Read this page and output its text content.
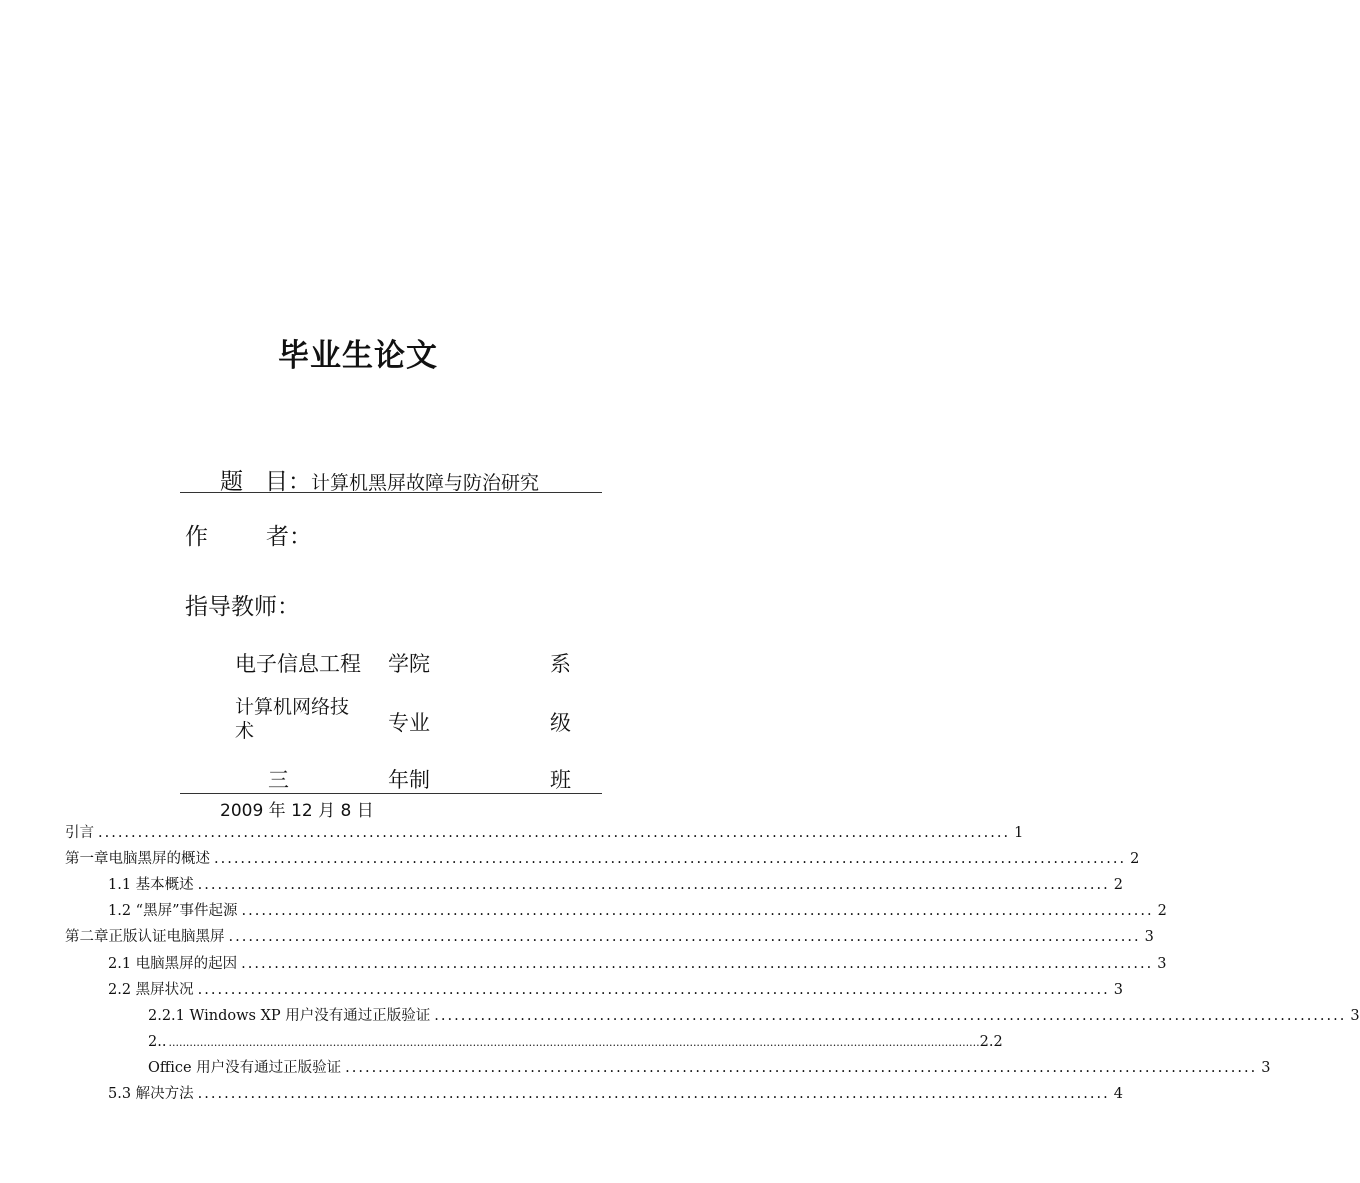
毕业生论文
题 目：计算机黑屏故障与防治研究
作	者：
指导教师：
电子信息工程 学院	系
计算机网络技术	专业	级
三	年制	班
2009 年 12 月 8 日
引言 .......................................................................................................................................... 1
第一章电脑黑屏的概述 .......................................................................................................................................... 2
1.1 基本概述 .......................................................................................................................................... 2
1.2 “黑屏”事件起源 .......................................................................................................................................... 2
第二章正版认证电脑黑屏 .......................................................................................................................................... 3
2.1 电脑黑屏的起因 .......................................................................................................................................... 3
2.2 黑屏状况 .......................................................................................................................................... 3
2.2.1 Windows XP 用户没有通过正版验证 .......................................................................................................................................... 3
2.. ........................................................................................................................................................................................................................................ 2.2
Office 用户没有通过正版验证 .......................................................................................................................................... 3
5.3 解决方法 .......................................................................................................................................... 4
